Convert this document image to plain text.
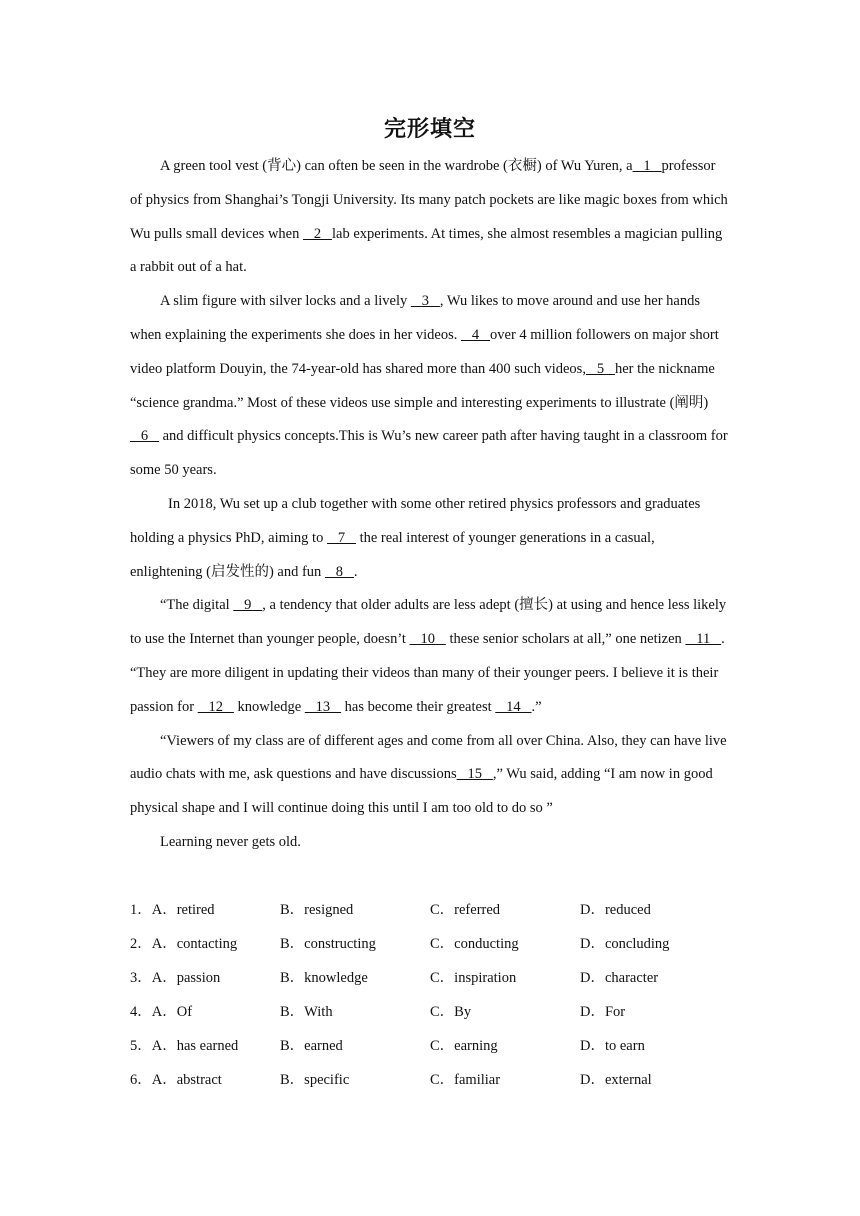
完形填空

A green tool vest (背心) can often be seen in the wardrobe (衣橱) of Wu Yuren, a   1   professor of physics from Shanghai’s Tongji University. Its many patch pockets are like magic boxes from which Wu pulls small devices when    2   lab experiments. At times, she almost resembles a magician pulling a rabbit out of a hat.

A slim figure with silver locks and a lively    3   , Wu likes to move around and use her hands when explaining the experiments she does in her videos.    4   over 4 million followers on major short video platform Douyin, the 74-year-old has shared more than 400 such videos,   5   her the nickname “science grandma.” Most of these videos use simple and interesting experiments to illustrate (阐明)   6    and difficult physics concepts.This is Wu’s new career path after having taught in a classroom for some 50 years.

In 2018, Wu set up a club together with some other retired physics professors and graduates holding a physics PhD, aiming to    7    the real interest of younger generations in a casual, enlightening (启发性的) and fun    8   .

“The digital    9   , a tendency that older adults are less adept (擅长) at using and hence less likely to use the Internet than younger people, doesn’t    10    these senior scholars at all,” one netizen    11   . “They are more diligent in updating their videos than many of their younger peers. I believe it is their passion for    12    knowledge    13    has become their greatest    14   .”

“Viewers of my class are of different ages and come from all over China. Also, they can have live audio chats with me, ask questions and have discussions   15   ,” Wu said, adding “I am now in good physical shape and I will continue doing this until I am too old to do so ”

Learning never gets old.

1．A．retired	B．resigned	C．referred	D．reduced
2．A．contacting	B．constructing	C．conducting	D．concluding
3．A．passion	B．knowledge	C．inspiration	D．character
4．A．Of	B．With	C．By	D．For
5．A．has earned	B．earned	C．earning	D．to earn
6．A．abstract	B．specific	C．familiar	D．external
